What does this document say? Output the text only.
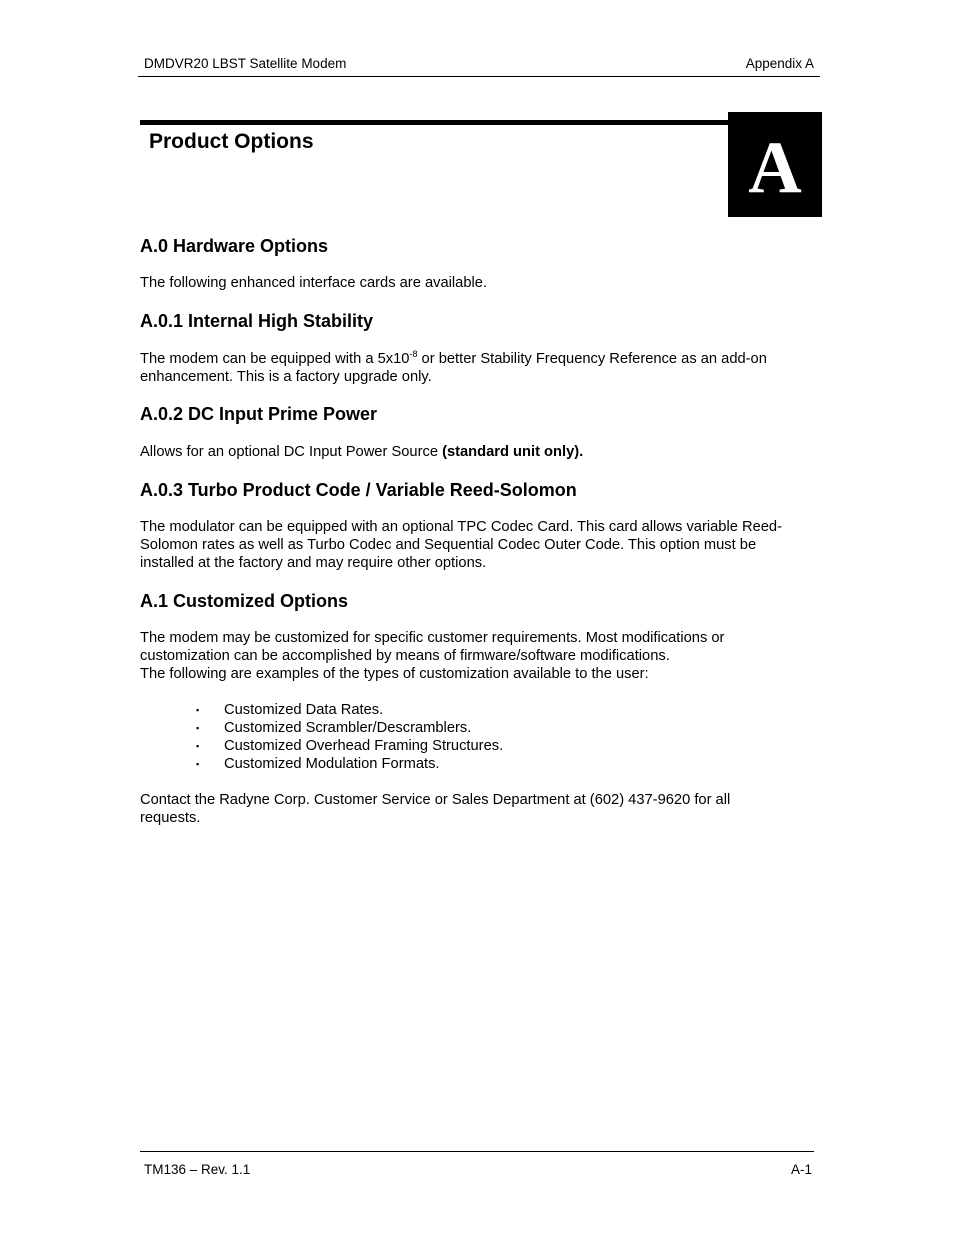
DMDVR20 LBST Satellite Modem	Appendix A
A
Product Options
A.0 Hardware Options
The following enhanced interface cards are available.
A.0.1 Internal High Stability
The modem can be equipped with a $5x10^{-8}$ or better Stability Frequency Reference as an add-on enhancement. This is a factory upgrade only.
A.0.2 DC Input Prime Power
Allows for an optional DC Input Power Source (standard unit only).
A.0.3 Turbo Product Code / Variable Reed-Solomon
The modulator can be equipped with an optional TPC Codec Card. This card allows variable Reed-Solomon rates as well as Turbo Codec and Sequential Codec Outer Code. This option must be installed at the factory and may require other options.
A.1 Customized Options
The modem may be customized for specific customer requirements. Most modifications or customization can be accomplished by means of firmware/software modifications.
The following are examples of the types of customization available to the user:
▪	Customized Data Rates.
▪	Customized Scrambler/Descramblers.
▪	Customized Overhead Framing Structures.
▪	Customized Modulation Formats.
Contact the Radyne Corp. Customer Service or Sales Department at (602) 437-9620 for all requests.
TM136 – Rev. 1.1	A-1
